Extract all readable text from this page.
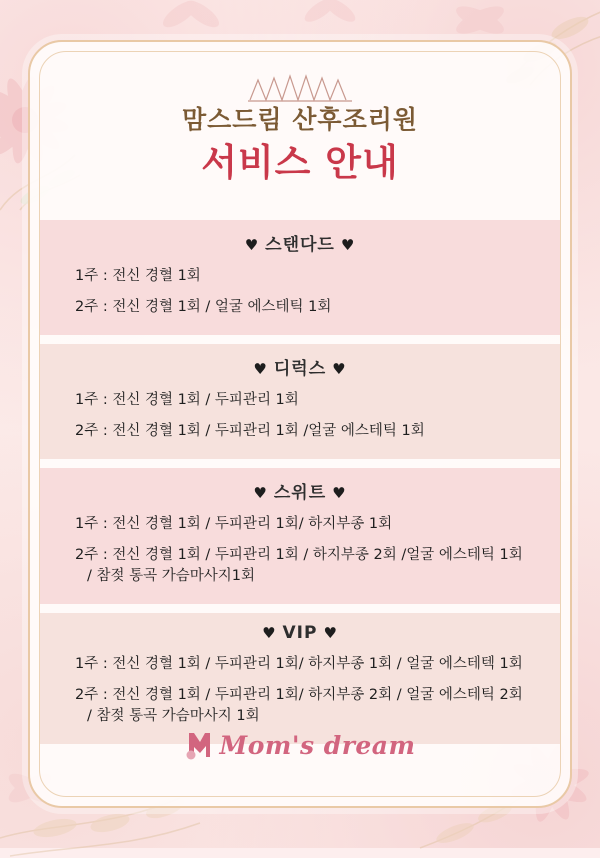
맘스드림 산후조리원
서비스 안내
♥ 스탠다드 ♥
1주 : 전신 경혈 1회
2주 : 전신 경혈 1회 / 얼굴 에스테틱 1회
♥ 디럭스 ♥
1주 : 전신 경혈 1회 / 두피관리 1회
2주 : 전신 경혈 1회 / 두피관리 1회 /얼굴 에스테틱 1회
♥ 스위트 ♥
1주 : 전신 경혈 1회 / 두피관리 1회/ 하지부종 1회
2주 : 전신 경혈 1회 / 두피관리 1회 / 하지부종 2회 /얼굴 에스테틱 1회
/ 참젖 통곡 가슴마사지1회
♥ VIP ♥
1주 : 전신 경혈 1회 / 두피관리 1회/ 하지부종 1회 / 얼굴 에스테텍 1회
2주 : 전신 경혈 1회 / 두피관리 1회/ 하지부종 2회 / 얼굴 에스테틱 2회
/ 참젖 통곡 가슴마사지 1회
Mom's dream
